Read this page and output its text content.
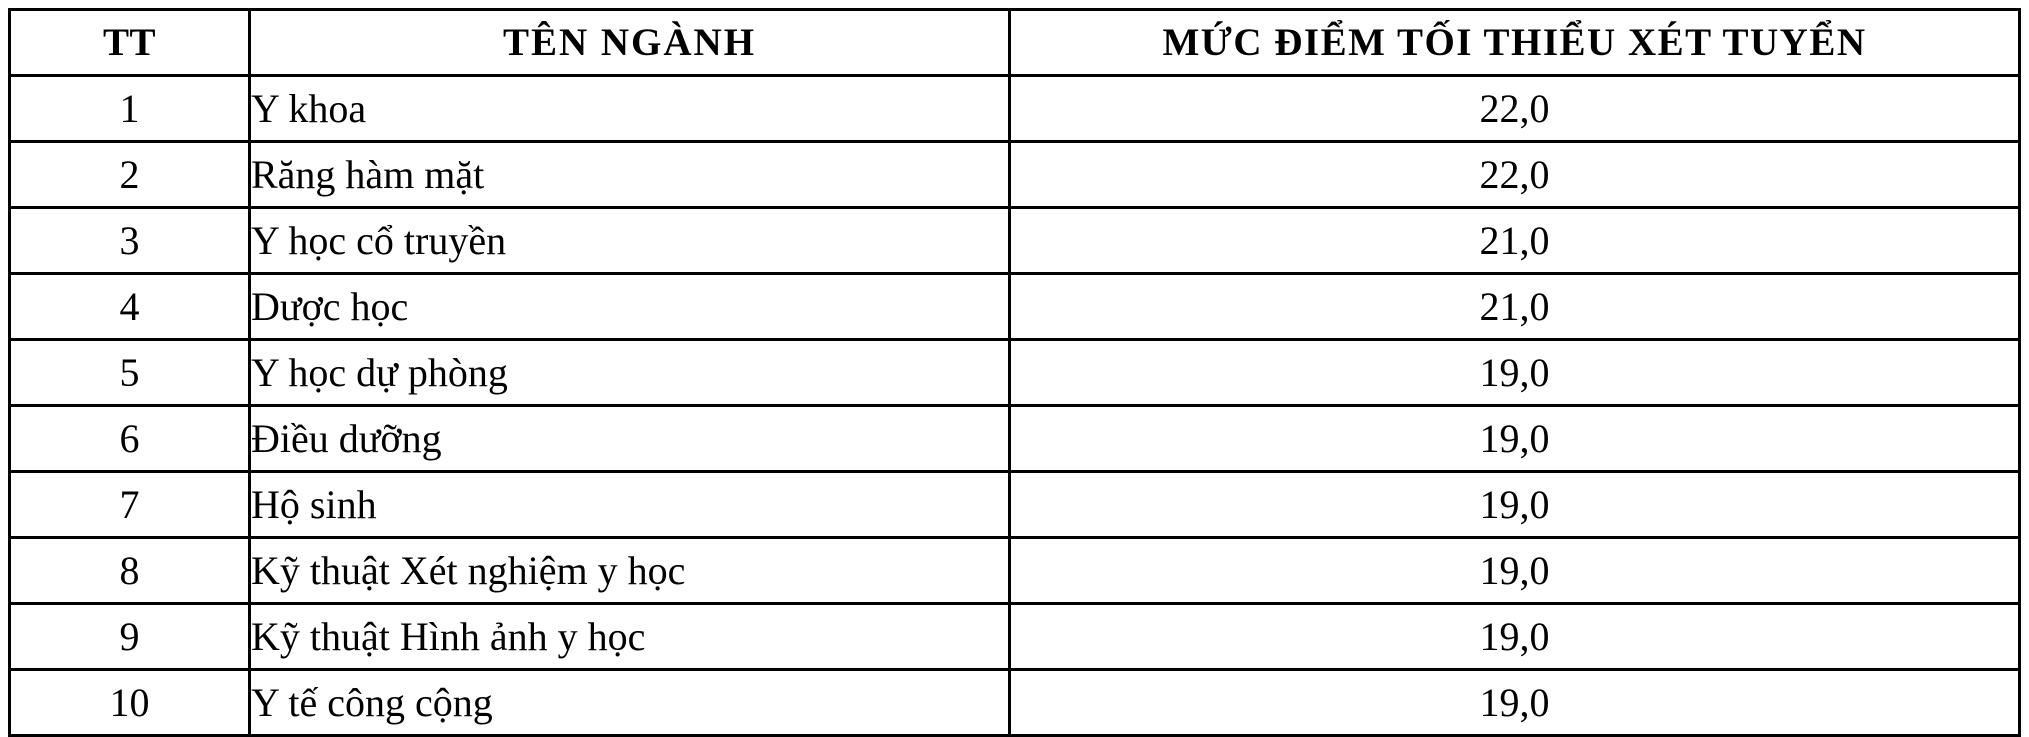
TT	TÊN NGÀNH	MỨC ĐIỂM TỐI THIỂU XÉT TUYỂN
1	Y khoa	22,0
2	Răng hàm mặt	22,0
3	Y học cổ truyền	21,0
4	Dược học	21,0
5	Y học dự phòng	19,0
6	Điều dưỡng	19,0
7	Hộ sinh	19,0
8	Kỹ thuật Xét nghiệm y học	19,0
9	Kỹ thuật Hình ảnh y học	19,0
10	Y tế công cộng	19,0
